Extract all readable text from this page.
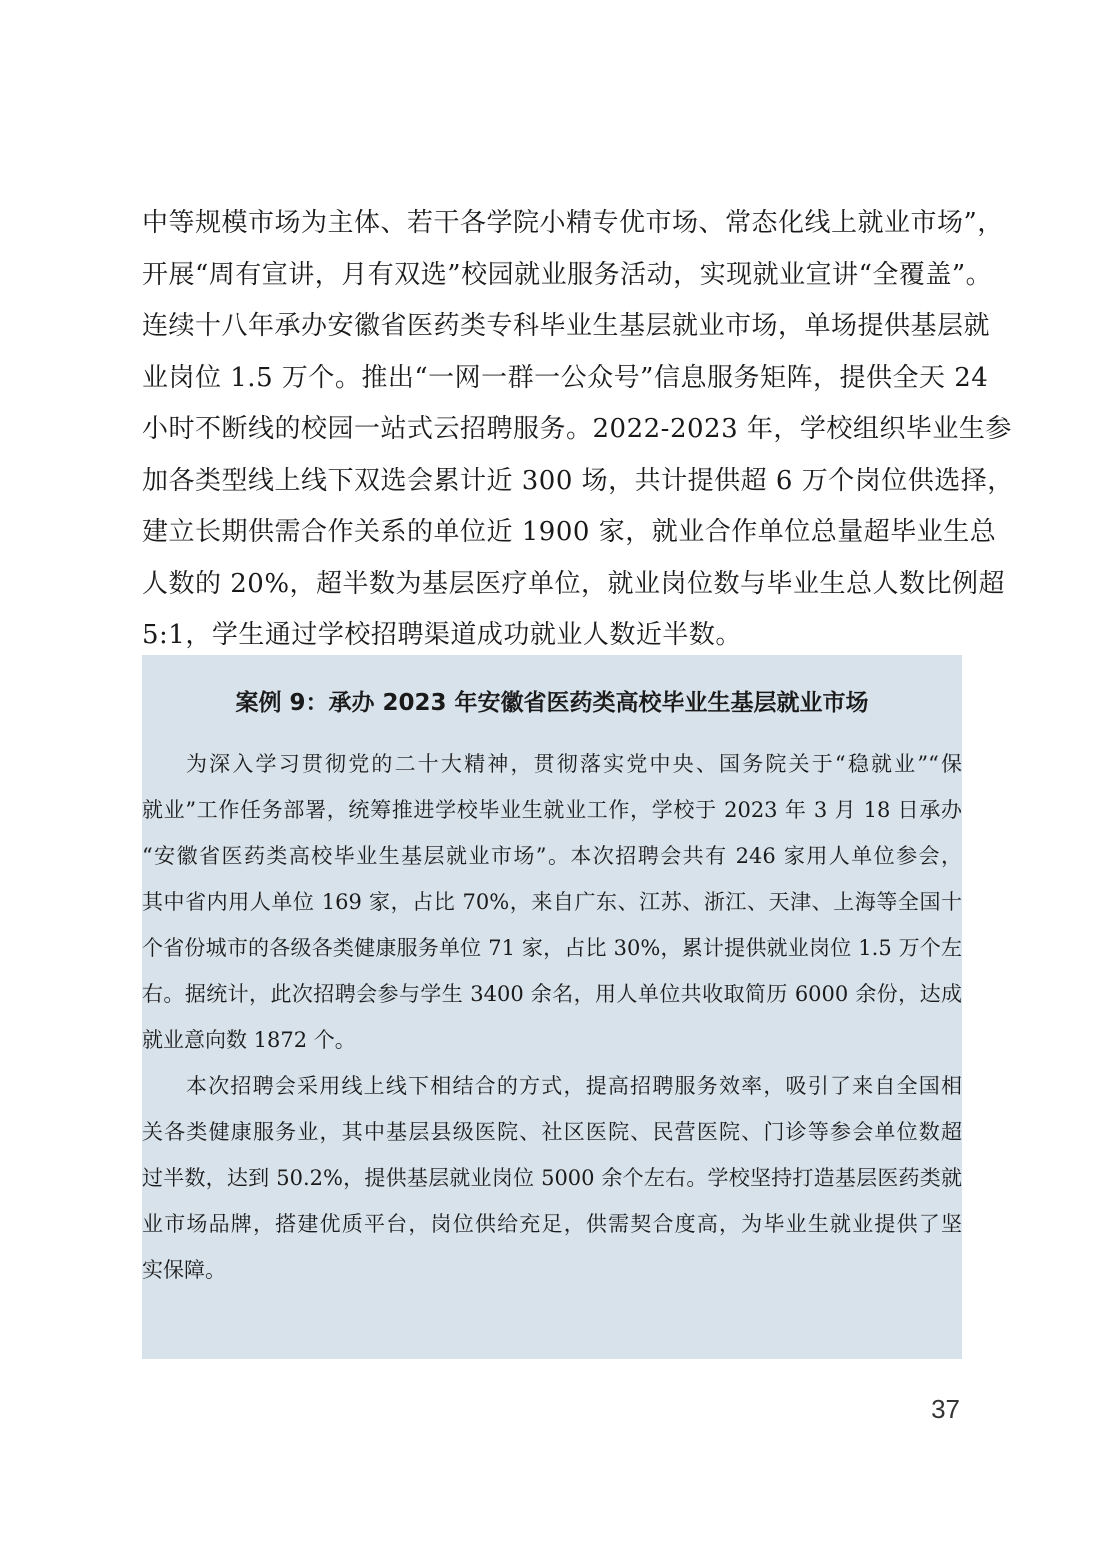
中等规模市场为主体、若干各学院小精专优市场、常态化线上就业市场”，
开展“周有宣讲，月有双选”校园就业服务活动，实现就业宣讲“全覆盖”。
连续十八年承办安徽省医药类专科毕业生基层就业市场，单场提供基层就
业岗位 1.5 万个。推出“一网一群一公众号”信息服务矩阵，提供全天 24
小时不断线的校园一站式云招聘服务。2022-2023 年，学校组织毕业生参
加各类型线上线下双选会累计近 300 场，共计提供超 6 万个岗位供选择，
建立长期供需合作关系的单位近 1900 家，就业合作单位总量超毕业生总
人数的 20%，超半数为基层医疗单位，就业岗位数与毕业生总人数比例超
5:1，学生通过学校招聘渠道成功就业人数近半数。
案例 9：承办 2023 年安徽省医药类高校毕业生基层就业市场
为深入学习贯彻党的二十大精神，贯彻落实党中央、国务院关于“稳就业”“保
就业”工作任务部署，统筹推进学校毕业生就业工作，学校于 2023 年 3 月 18 日承办
“安徽省医药类高校毕业生基层就业市场”。本次招聘会共有 246 家用人单位参会，
其中省内用人单位 169 家，占比 70%，来自广东、江苏、浙江、天津、上海等全国十
个省份城市的各级各类健康服务单位 71 家，占比 30%，累计提供就业岗位 1.5 万个左
右。据统计，此次招聘会参与学生 3400 余名，用人单位共收取简历 6000 余份，达成
就业意向数 1872 个。
本次招聘会采用线上线下相结合的方式，提高招聘服务效率，吸引了来自全国相
关各类健康服务业，其中基层县级医院、社区医院、民营医院、门诊等参会单位数超
过半数，达到 50.2%，提供基层就业岗位 5000 余个左右。学校坚持打造基层医药类就
业市场品牌，搭建优质平台，岗位供给充足，供需契合度高，为毕业生就业提供了坚
实保障。
37
